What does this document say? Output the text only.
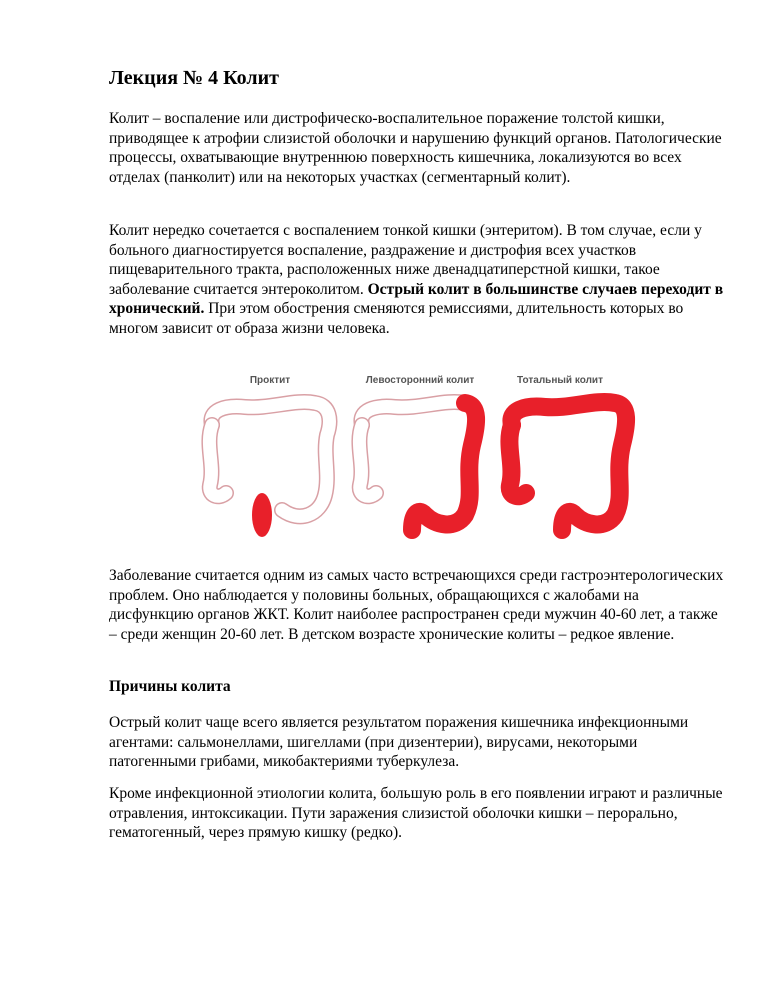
Лекция № 4 Колит

Колит – воспаление или дистрофическо-воспалительное поражение толстой кишки, приводящее к атрофии слизистой оболочки и нарушению функций органов. Патологические процессы, охватывающие внутреннюю поверхность кишечника, локализуются во всех отделах (панколит) или на некоторых участках (сегментарный колит).

Колит нередко сочетается с воспалением тонкой кишки (энтеритом). В том случае, если у больного диагностируется воспаление, раздражение и дистрофия всех участков пищеварительного тракта, расположенных ниже двенадцатиперстной кишки, такое заболевание считается энтероколитом. Острый колит в большинстве случаев переходит в хронический. При этом обострения сменяются ремиссиями, длительность которых во многом зависит от образа жизни человека.

Проктит	Левосторонний колит	Тотальный колит

Заболевание считается одним из самых часто встречающихся среди гастроэнтерологических проблем. Оно наблюдается у половины больных, обращающихся с жалобами на дисфункцию органов ЖКТ. Колит наиболее распространен среди мужчин 40-60 лет, а также – среди женщин 20-60 лет. В детском возрасте хронические колиты – редкое явление.

Причины колита

Острый колит чаще всего является результатом поражения кишечника инфекционными агентами: сальмонеллами, шигеллами (при дизентерии), вирусами, некоторыми патогенными грибами, микобактериями туберкулеза.

Кроме инфекционной этиологии колита, большую роль в его появлении играют и различные отравления, интоксикации. Пути заражения слизистой оболочки кишки – перорально, гематогенный, через прямую кишку (редко).
